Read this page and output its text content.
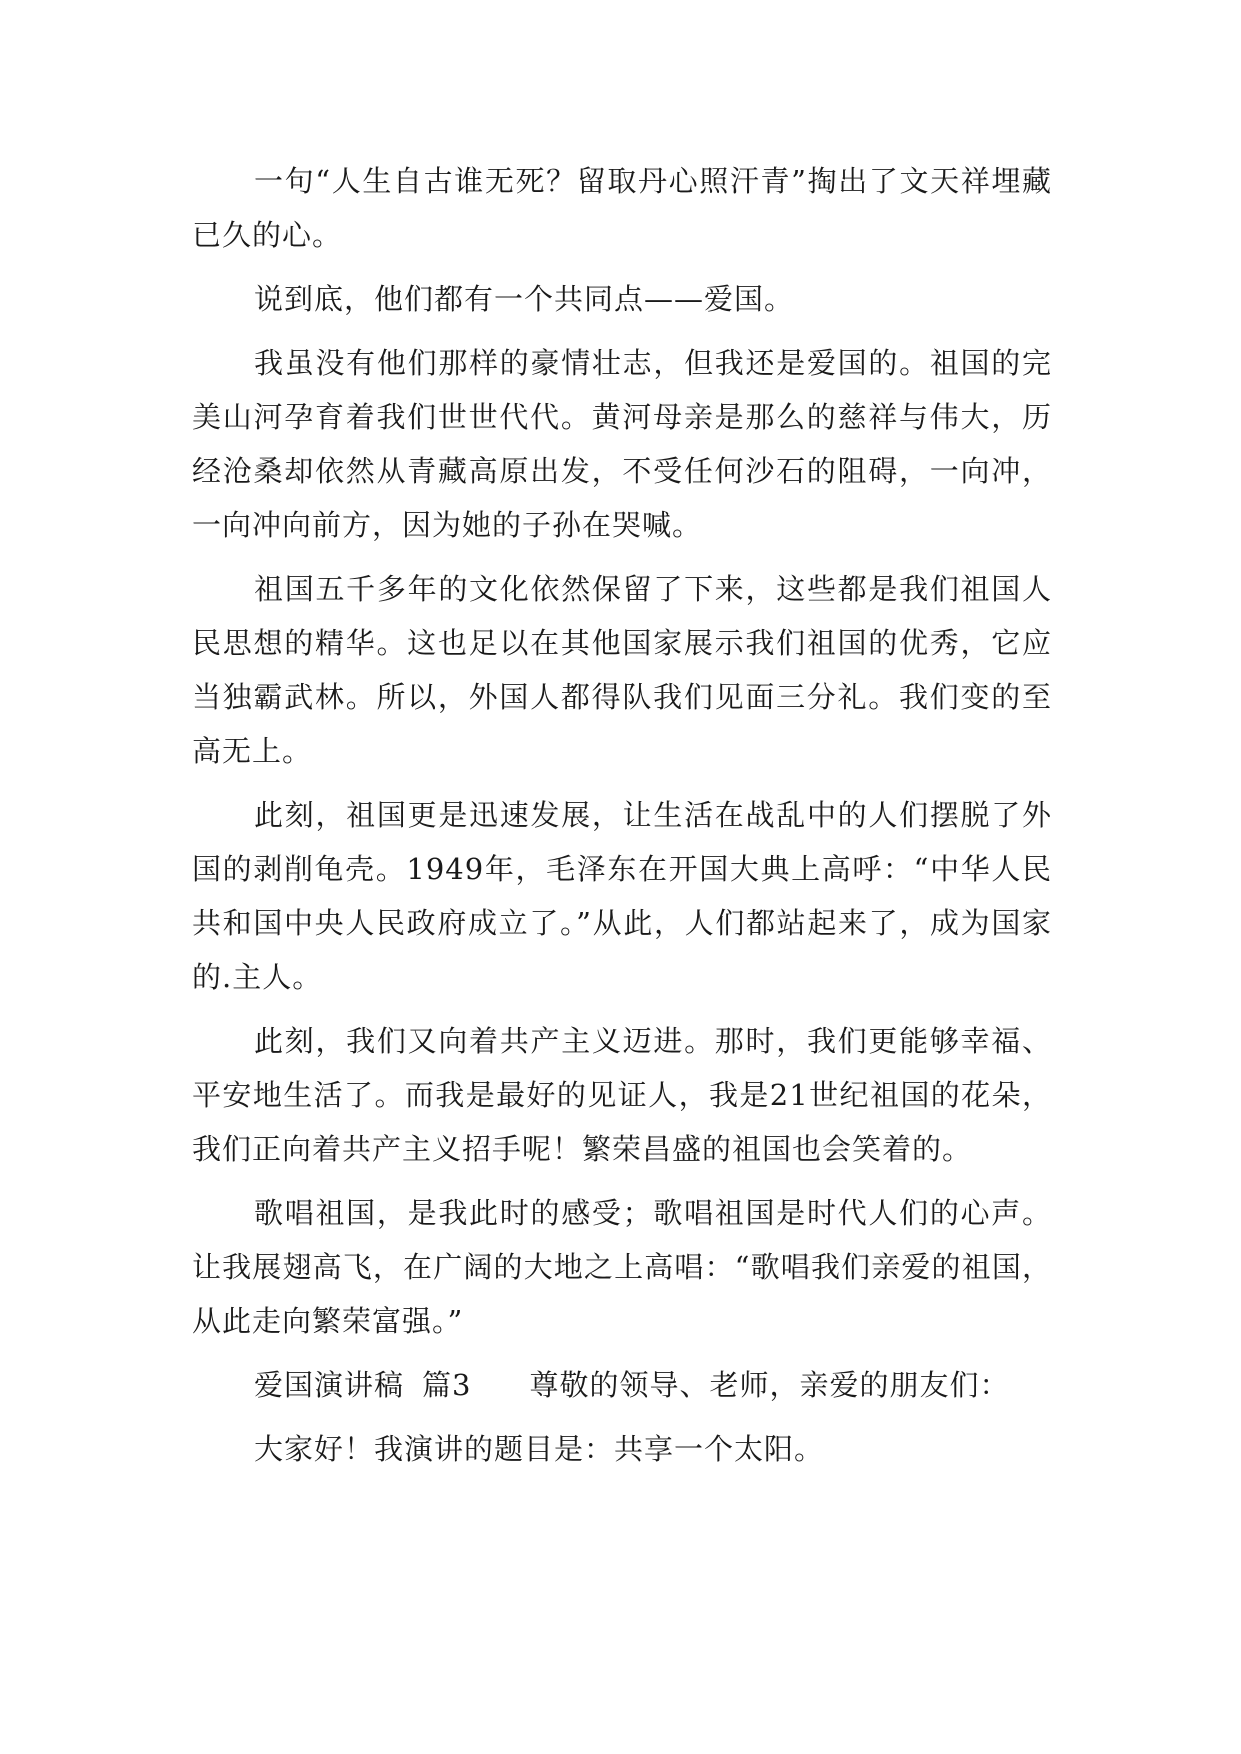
一句“人生自古谁无死？留取丹心照汗青”掏出了文天祥埋藏已久的心。

说到底，他们都有一个共同点——爱国。

我虽没有他们那样的豪情壮志，但我还是爱国的。祖国的完美山河孕育着我们世世代代。黄河母亲是那么的慈祥与伟大，历经沧桑却依然从青藏高原出发，不受任何沙石的阻碍，一向冲，一向冲向前方，因为她的子孙在哭喊。

祖国五千多年的文化依然保留了下来，这些都是我们祖国人民思想的精华。这也足以在其他国家展示我们祖国的优秀，它应当独霸武林。所以，外国人都得队我们见面三分礼。我们变的至高无上。

此刻，祖国更是迅速发展，让生活在战乱中的人们摆脱了外国的剥削龟壳。1949年，毛泽东在开国大典上高呼：“中华人民共和国中央人民政府成立了。”从此，人们都站起来了，成为国家的.主人。

此刻，我们又向着共产主义迈进。那时，我们更能够幸福、平安地生活了。而我是最好的见证人，我是21世纪祖国的花朵，我们正向着共产主义招手呢！繁荣昌盛的祖国也会笑着的。

歌唱祖国，是我此时的感受；歌唱祖国是时代人们的心声。让我展翅高飞，在广阔的大地之上高唱：“歌唱我们亲爱的祖国，从此走向繁荣富强。”

爱国演讲稿 篇3 尊敬的领导、老师，亲爱的朋友们：

大家好！我演讲的题目是：共享一个太阳。
